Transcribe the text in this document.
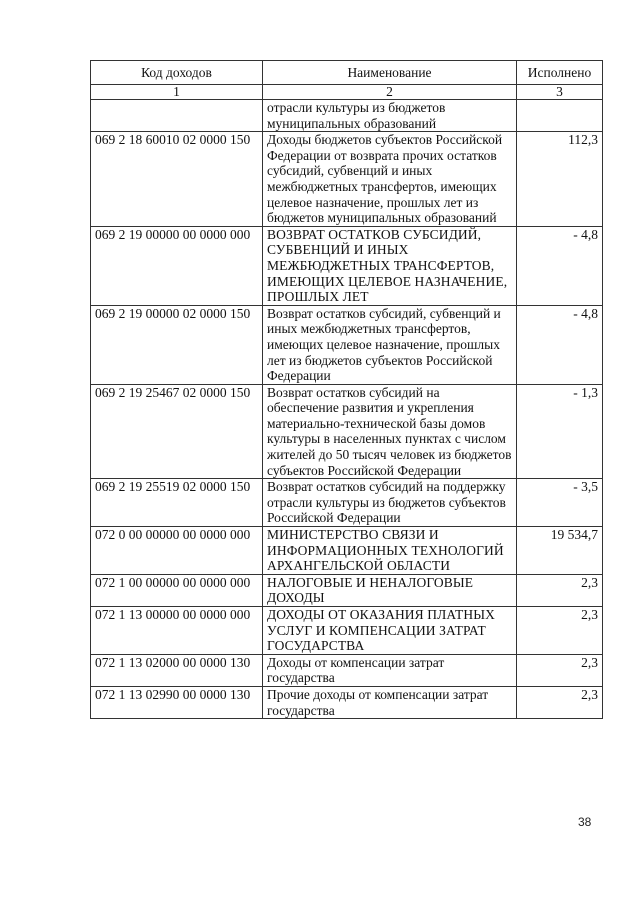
Код доходов	Наименование	Исполнено
1	2	3
	отрасли культуры из бюджетов муниципальных образований	
069 2 18 60010 02 0000 150	Доходы бюджетов субъектов Российской Федерации от возврата прочих остатков субсидий, субвенций и иных межбюджетных трансфертов, имеющих целевое назначение, прошлых лет из бюджетов муниципальных образований	112,3
069 2 19 00000 00 0000 000	ВОЗВРАТ ОСТАТКОВ СУБСИДИЙ, СУБВЕНЦИЙ И ИНЫХ МЕЖБЮДЖЕТНЫХ ТРАНСФЕРТОВ, ИМЕЮЩИХ ЦЕЛЕВОЕ НАЗНАЧЕНИЕ, ПРОШЛЫХ ЛЕТ	- 4,8
069 2 19 00000 02 0000 150	Возврат остатков субсидий, субвенций и иных межбюджетных трансфертов, имеющих целевое назначение, прошлых лет из бюджетов субъектов Российской Федерации	- 4,8
069 2 19 25467 02 0000 150	Возврат остатков субсидий на обеспечение развития и укрепления материально-технической базы домов культуры в населенных пунктах с числом жителей до 50 тысяч человек из бюджетов субъектов Российской Федерации	- 1,3
069 2 19 25519 02 0000 150	Возврат остатков субсидий на поддержку отрасли культуры из бюджетов субъектов Российской Федерации	- 3,5
072 0 00 00000 00 0000 000	МИНИСТЕРСТВО СВЯЗИ И ИНФОРМАЦИОННЫХ ТЕХНОЛОГИЙ АРХАНГЕЛЬСКОЙ ОБЛАСТИ	19 534,7
072 1 00 00000 00 0000 000	НАЛОГОВЫЕ И НЕНАЛОГОВЫЕ ДОХОДЫ	2,3
072 1 13 00000 00 0000 000	ДОХОДЫ ОТ ОКАЗАНИЯ ПЛАТНЫХ УСЛУГ И КОМПЕНСАЦИИ ЗАТРАТ ГОСУДАРСТВА	2,3
072 1 13 02000 00 0000 130	Доходы от компенсации затрат государства	2,3
072 1 13 02990 00 0000 130	Прочие доходы от компенсации затрат государства	2,3
38
